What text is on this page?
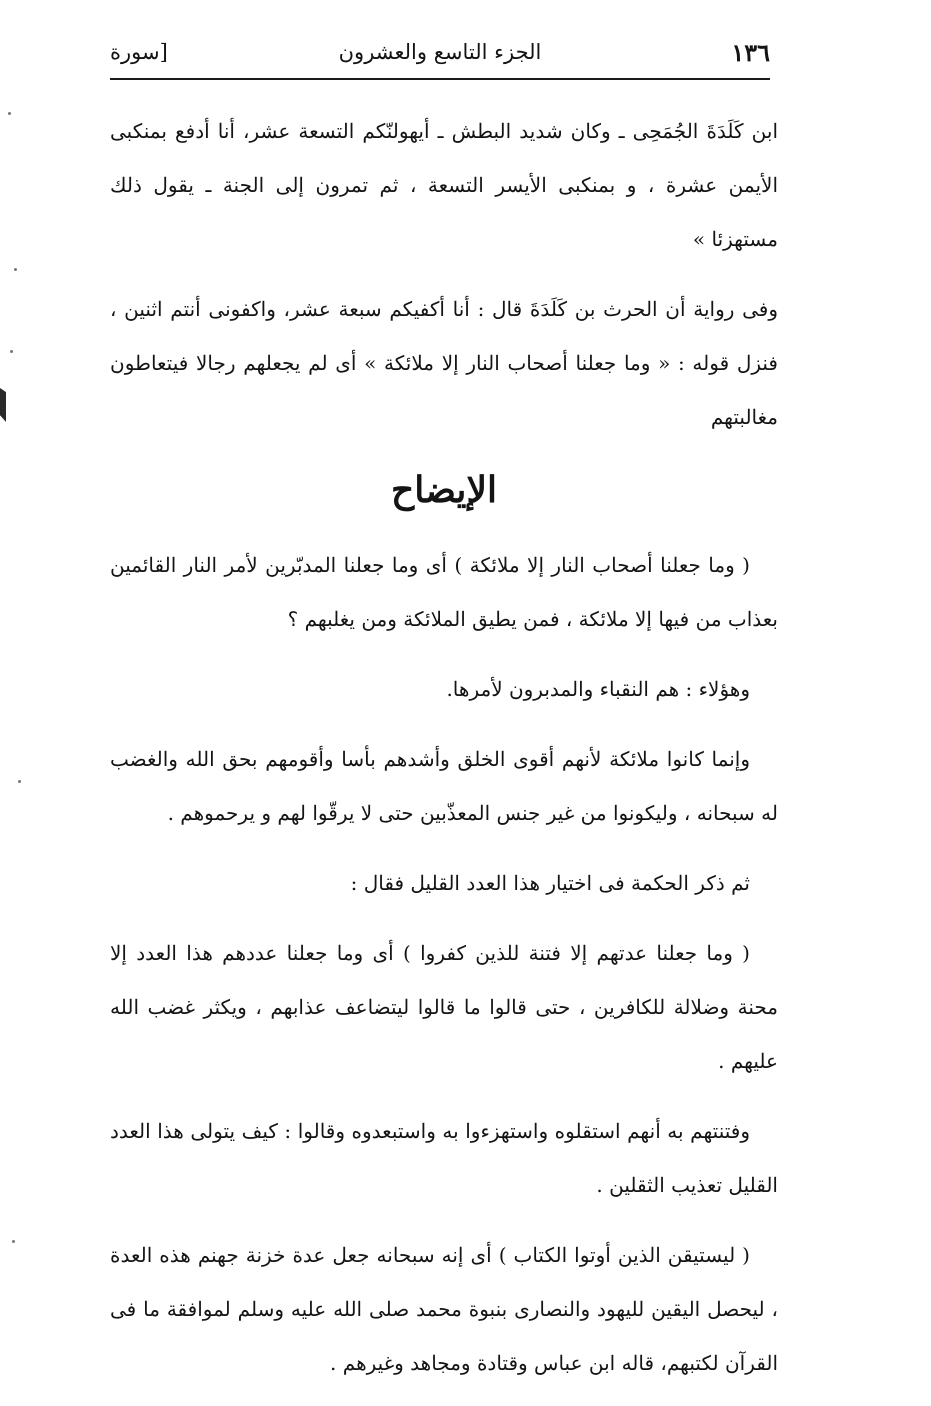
١٣٦
الجزء التاسع والعشرون
[سورة

ابن كَلَدَةَ الجُمَحِى ـ وكان شديد البطش ـ أيهولنّكم التسعة عشر، أنا أدفع بمنكبى الأيمن عشرة ، و بمنكبى الأيسر التسعة ، ثم تمرون إلى الجنة ـ يقول ذلك مستهزئا »

وفى رواية أن الحرث بن كَلَدَةَ قال : أنا أكفيكم سبعة عشر، واكفونى أنتم اثنين ، فنزل قوله : « وما جعلنا أصحاب النار إلا ملائكة » أى لم يجعلهم رجالا فيتعاطون مغالبتهم

الإيضاح

( وما جعلنا أصحاب النار إلا ملائكة ) أى وما جعلنا المدبّرين لأمر النار القائمين بعذاب من فيها إلا ملائكة ، فمن يطيق الملائكة ومن يغلبهم ؟

وهؤلاء : هم النقباء والمدبرون لأمرها.

وإنما كانوا ملائكة لأنهم أقوى الخلق وأشدهم بأسا وأقومهم بحق الله والغضب له سبحانه ، وليكونوا من غير جنس المعذّبين حتى لا يرقّوا لهم و يرحموهم .

ثم ذكر الحكمة فى اختيار هذا العدد القليل فقال :

( وما جعلنا عدتهم إلا فتنة للذين كفروا ) أى وما جعلنا عددهم هذا العدد إلا محنة وضلالة للكافرين ، حتى قالوا ما قالوا ليتضاعف عذابهم ، ويكثر غضب الله عليهم .

وفتنتهم به أنهم استقلوه واستهزءوا به واستبعدوه وقالوا : كيف يتولى هذا العدد القليل تعذيب الثقلين .

( ليستيقن الذين أوتوا الكتاب ) أى إنه سبحانه جعل عدة خزنة جهنم هذه العدة ، ليحصل اليقين لليهود والنصارى بنبوة محمد صلى الله عليه وسلم لموافقة ما فى القرآن لكتبهم، قاله ابن عباس وقتادة ومجاهد وغيرهم .
